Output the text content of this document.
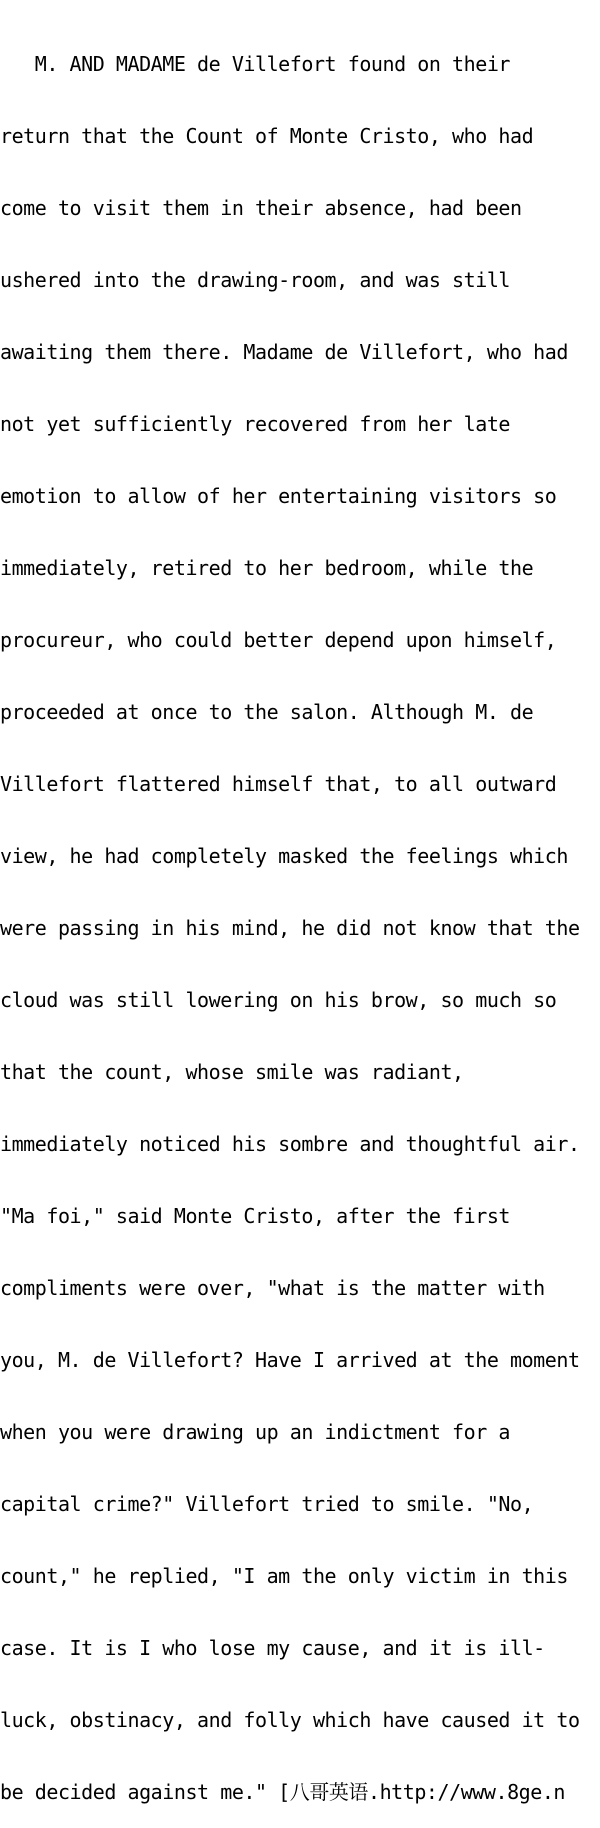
M. AND MADAME de Villefort found on their

return that the Count of Monte Cristo, who had

come to visit them in their absence, had been

ushered into the drawing-room, and was still

awaiting them there. Madame de Villefort, who had

not yet sufficiently recovered from her late

emotion to allow of her entertaining visitors so

immediately, retired to her bedroom, while the

procureur, who could better depend upon himself,

proceeded at once to the salon. Although M. de

Villefort flattered himself that, to all outward

view, he had completely masked the feelings which

were passing in his mind, he did not know that the

cloud was still lowering on his brow, so much so

that the count, whose smile was radiant,

immediately noticed his sombre and thoughtful air.

"Ma foi," said Monte Cristo, after the first

compliments were over, "what is the matter with

you, M. de Villefort? Have I arrived at the moment

when you were drawing up an indictment for a

capital crime?" Villefort tried to smile. "No,

count," he replied, "I am the only victim in this

case. It is I who lose my cause, and it is ill-

luck, obstinacy, and folly which have caused it to

be decided against me." [八哥英语.http://www.8ge.n
